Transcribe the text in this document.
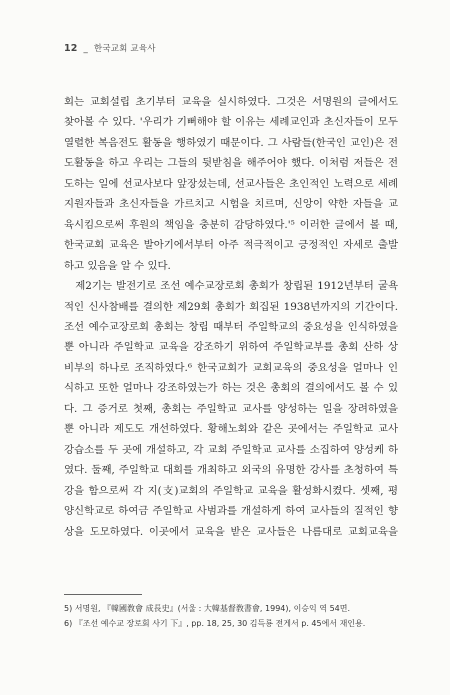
12 _ 한국교회 교육사

회는 교회설립 초기부터 교육을 실시하였다. 그것은 서명원의 글에서도
찾아볼 수 있다. '우리가 기뻐해야 할 이유는 세례교인과 초신자들이 모두
열렬한 복음전도 활동을 행하였기 때문이다. 그 사람들(한국인 교인)은 전
도활동을 하고 우리는 그들의 뒷받침을 해주어야 했다. 이처럼 저들은 전
도하는 일에 선교사보다 앞장섰는데, 선교사들은 초인적인 노력으로 세례
지원자들과 초신자들을 가르치고 시험을 치르며, 신앙이 약한 자들을 교
육시킴으로써 후원의 책임을 충분히 감당하였다.'⁵ 이러한 글에서 볼 때,
한국교회 교육은 발아기에서부터 아주 적극적이고 긍정적인 자세로 출발
하고 있음을 알 수 있다.

　제2기는 발전기로 조선 예수교장로회 총회가 창립된 1912년부터 굴욕
적인 신사참배를 결의한 제29회 총회가 회집된 1938년까지의 기간이다.
조선 예수교장로회 총회는 창립 때부터 주일학교의 중요성을 인식하였을
뿐 아니라 주일학교 교육을 강조하기 위하여 주일학교부를 총회 산하 상
비부의 하나로 조직하였다.⁶ 한국교회가 교회교육의 중요성을 얼마나 인
식하고 또한 얼마나 강조하였는가 하는 것은 총회의 결의에서도 볼 수 있
다. 그 증거로 첫째, 총회는 주일학교 교사를 양성하는 일을 장려하였을
뿐 아니라 제도도 개선하였다. 황해노회와 같은 곳에서는 주일학교 교사
강습소를 두 곳에 개설하고, 각 교회 주일학교 교사를 소집하여 양성케 하
였다. 둘째, 주일학교 대회를 개최하고 외국의 유명한 강사를 초청하여 특
강을 함으로써 각 지(支)교회의 주일학교 교육을 활성화시켰다. 셋째, 평
양신학교로 하여금 주일학교 사범과를 개설하게 하여 교사들의 질적인 향
상을 도모하였다. 이곳에서 교육을 받은 교사들은 나름대로 교회교육을

5) 서명원, 『韓國敎會 成長史』(서울 : 大韓基督敎書會, 1994), 이승익 역 54면.
6) 『조선 예수교 장로회 사기 下』, pp. 18, 25, 30 김득룡 전게서 p. 45에서 재인용.
